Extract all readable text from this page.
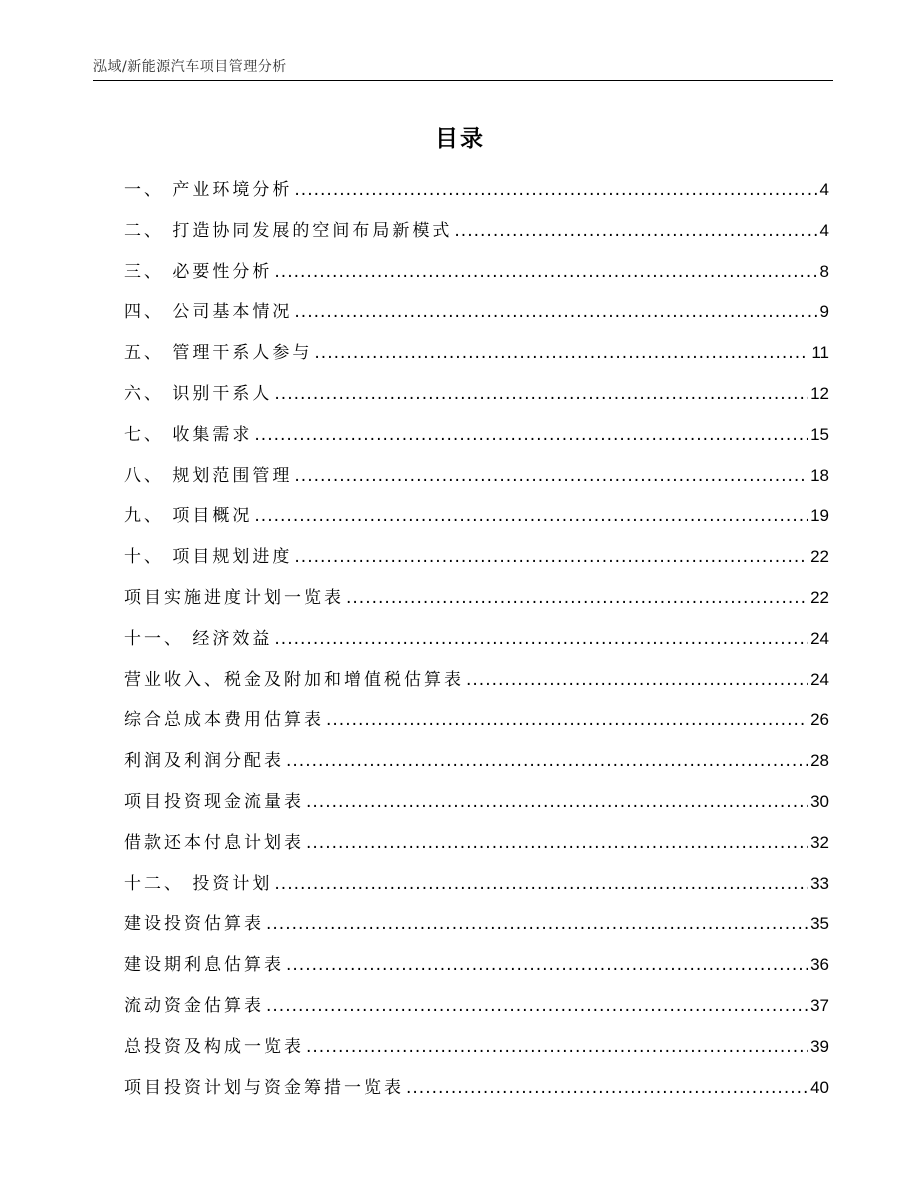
泓域/新能源汽车项目管理分析
目录
一、 产业环境分析 .....	4
二、 打造协同发展的空间布局新模式 .....	4
三、 必要性分析 .....	8
四、 公司基本情况 .....	9
五、 管理干系人参与 .....	11
六、 识别干系人 .....	12
七、 收集需求 .....	15
八、 规划范围管理 .....	18
九、 项目概况 .....	19
十、 项目规划进度 .....	22
项目实施进度计划一览表 .....	22
十一、 经济效益 .....	24
营业收入、税金及附加和增值税估算表 .....	24
综合总成本费用估算表 .....	26
利润及利润分配表 .....	28
项目投资现金流量表 .....	30
借款还本付息计划表 .....	32
十二、 投资计划 .....	33
建设投资估算表 .....	35
建设期利息估算表 .....	36
流动资金估算表 .....	37
总投资及构成一览表 .....	39
项目投资计划与资金筹措一览表 .....	40
